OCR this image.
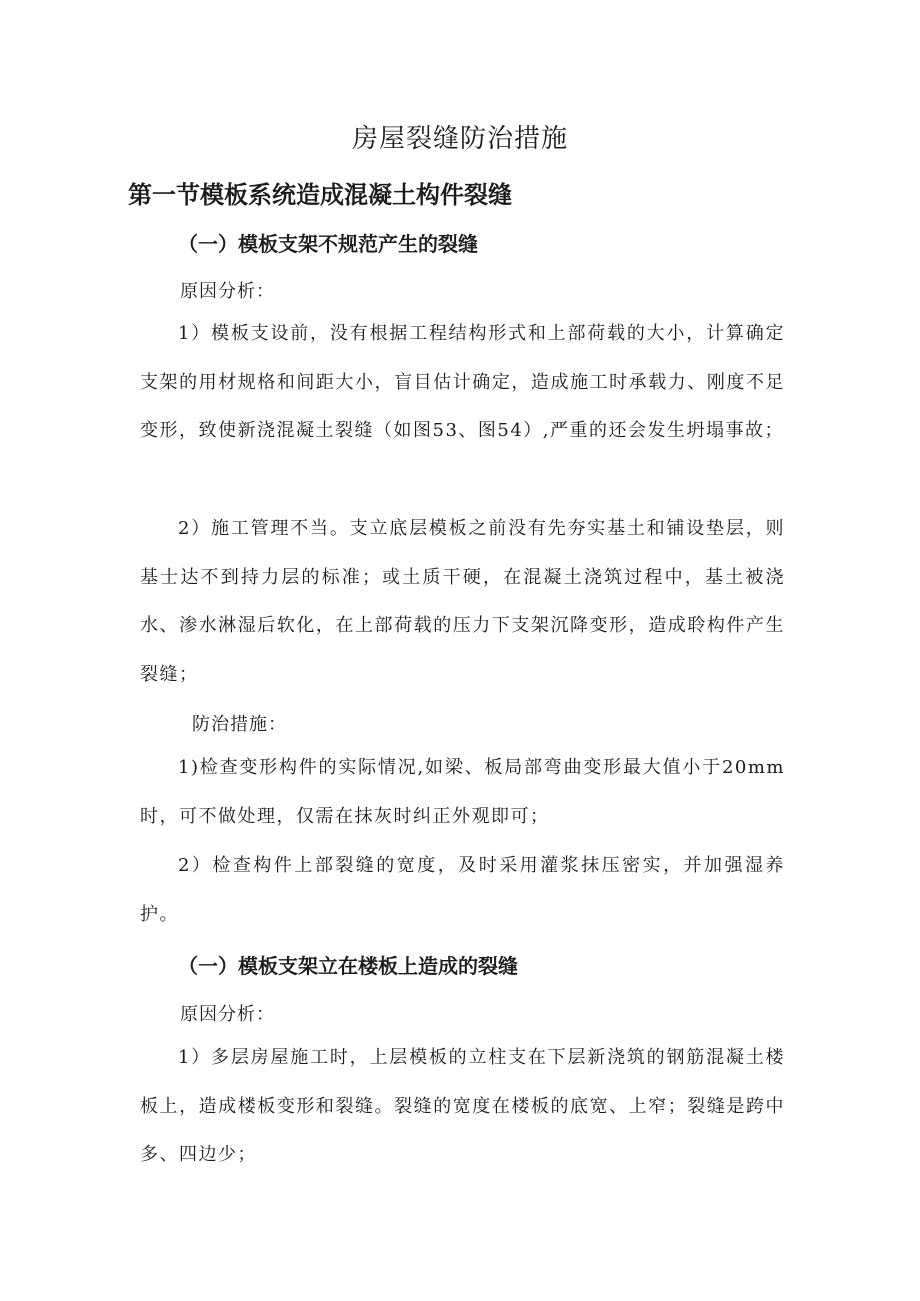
房屋裂缝防治措施
第一节模板系统造成混凝土构件裂缝
（一）模板支架不规范产生的裂缝

原因分析：

1）模板支设前，没有根据工程结构形式和上部荷载的大小，计算确定支架的用材规格和间距大小，盲目估计确定，造成施工时承载力、刚度不足变形，致使新浇混凝土裂缝（如图53、图54）,严重的还会发生坍塌事故；

2）施工管理不当。支立底层模板之前没有先夯实基土和铺设垫层，则基士达不到持力层的标准；或土质干硬，在混凝土浇筑过程中，基土被浇水、渗水淋湿后软化，在上部荷载的压力下支架沉降变形，造成聆构件产生裂缝；

防治措施：

1)检查变形构件的实际情况,如梁、板局部弯曲变形最大值小于20mm时，可不做处理，仅需在抹灰时纠正外观即可；

2）检查构件上部裂缝的宽度，及时采用灌浆抹压密实，并加强湿养护。

（一）模板支架立在楼板上造成的裂缝

原因分析：

1）多层房屋施工时，上层模板的立柱支在下层新浇筑的钢筋混凝土楼板上，造成楼板变形和裂缝。裂缝的宽度在楼板的底宽、上窄；裂缝是跨中多、四边少；
